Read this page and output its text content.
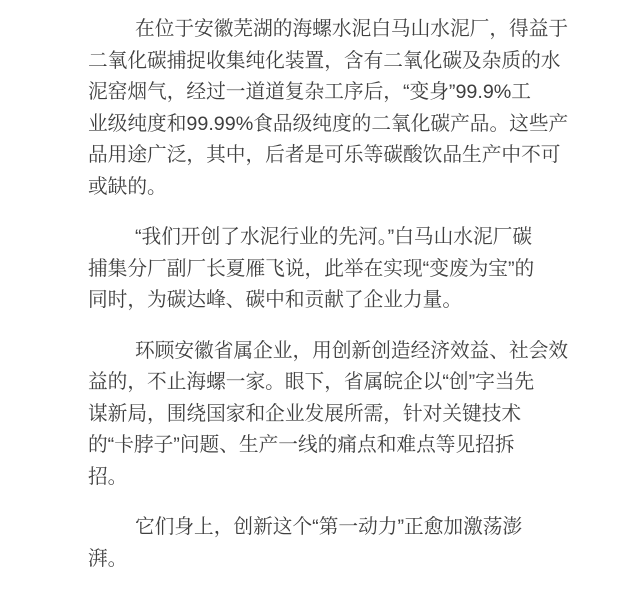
在位于安徽芜湖的海螺水泥白马山水泥厂，得益于
二氧化碳捕捉收集纯化装置，含有二氧化碳及杂质的水
泥窑烟气，经过一道道复杂工序后，“变身”99.9%工
业级纯度和99.99%食品级纯度的二氧化碳产品。这些产
品用途广泛，其中，后者是可乐等碳酸饮品生产中不可
或缺的。
“我们开创了水泥行业的先河。”白马山水泥厂碳
捕集分厂副厂长夏雁飞说，此举在实现“变废为宝”的
同时，为碳达峰、碳中和贡献了企业力量。
环顾安徽省属企业，用创新创造经济效益、社会效
益的，不止海螺一家。眼下，省属皖企以“创”字当先
谋新局，围绕国家和企业发展所需，针对关键技术
的“卡脖子”问题、生产一线的痛点和难点等见招拆
招。
它们身上，创新这个“第一动力”正愈加激荡澎
湃。
